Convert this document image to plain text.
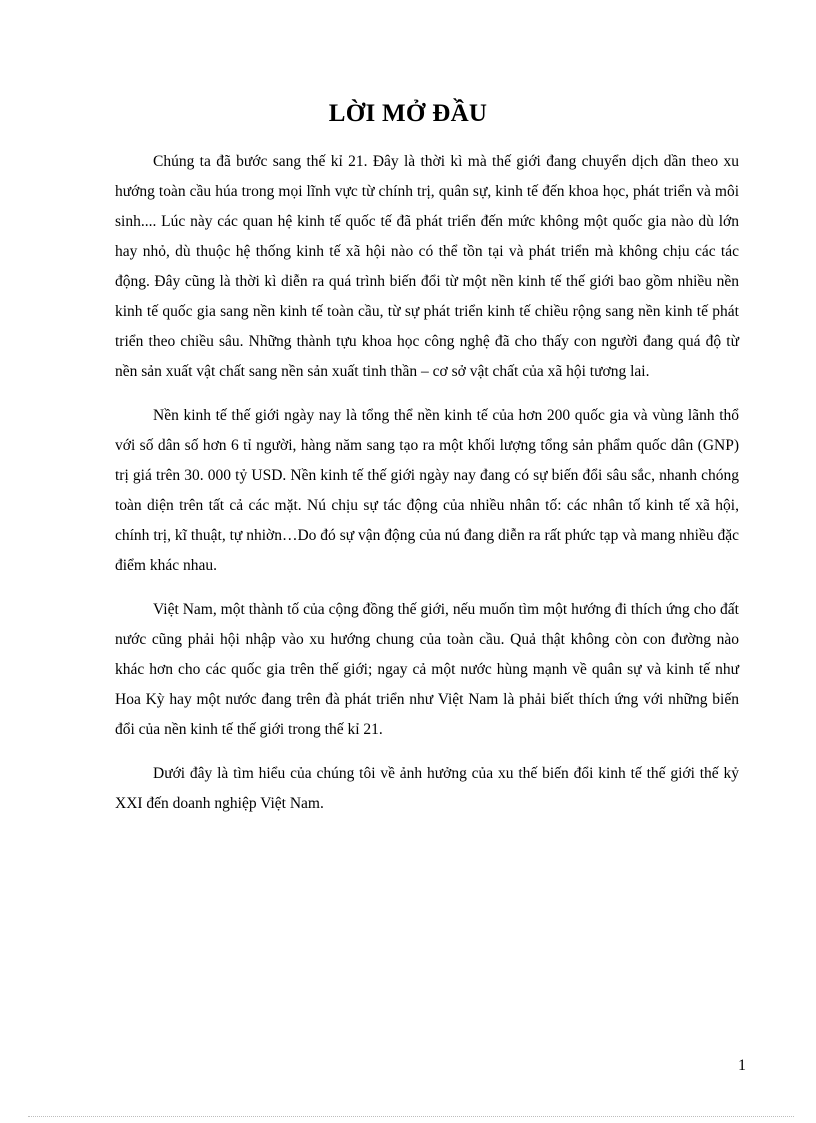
LỜI MỞ ĐẦU

Chúng ta đã bước sang thế kỉ 21. Đây là thời kì mà thế giới đang chuyển dịch dần theo xu hướng toàn cầu húa trong mọi lĩnh vực từ chính trị, quân sự, kinh tế đến khoa học, phát triển và môi sinh.... Lúc này các quan hệ kinh tế quốc tế đã phát triển đến mức không một quốc gia nào dù lớn hay nhỏ, dù thuộc hệ thống kinh tế xã hội nào có thể tồn tại và phát triển mà không chịu các tác động. Đây cũng là thời kì diễn ra quá trình biến đổi từ một nền kinh tế thế giới bao gồm nhiều nền kinh tế quốc gia sang nền kinh tế toàn cầu, từ sự phát triển kinh tế chiều rộng sang nền kinh tế phát triển theo chiều sâu. Những thành tựu khoa học công nghệ đã cho thấy con người đang quá độ từ nền sản xuất vật chất sang nền sản xuất tinh thần – cơ sở vật chất của xã hội tương lai.

Nền kinh tế thế giới ngày nay là tổng thể nền kinh tế của hơn 200 quốc gia và vùng lãnh thổ với số dân số hơn 6 tỉ người, hàng năm sang tạo ra một khối lượng tổng sản phẩm quốc dân (GNP) trị giá trên 30. 000 tỷ USD. Nền kinh tế thế giới ngày nay đang có sự biến đổi sâu sắc, nhanh chóng toàn diện trên tất cả các mặt. Nú chịu sự tác động của nhiều nhân tố: các nhân tố kinh tế xã hội, chính trị, kĩ thuật, tự nhiờn…Do đó sự vận động của nú đang diễn ra rất phức tạp và mang nhiều đặc điểm khác nhau.

Việt Nam, một thành tố của cộng đồng thế giới, nếu muốn tìm một hướng đi thích ứng cho đất nước cũng phải hội nhập vào xu hướng chung của toàn cầu. Quả thật không còn con đường nào khác hơn cho các quốc gia trên thế giới; ngay cả một nước hùng mạnh về quân sự và kinh tế như Hoa Kỳ hay một nước đang trên đà phát triển như Việt Nam là phải biết thích ứng với những biến đổi của nền kinh tế thế giới trong thế kỉ 21.

Dưới đây là tìm hiểu của chúng tôi về ảnh hưởng của xu thế biến đổi kinh tế thế giới thế kỷ XXI đến doanh nghiệp Việt Nam.

1
